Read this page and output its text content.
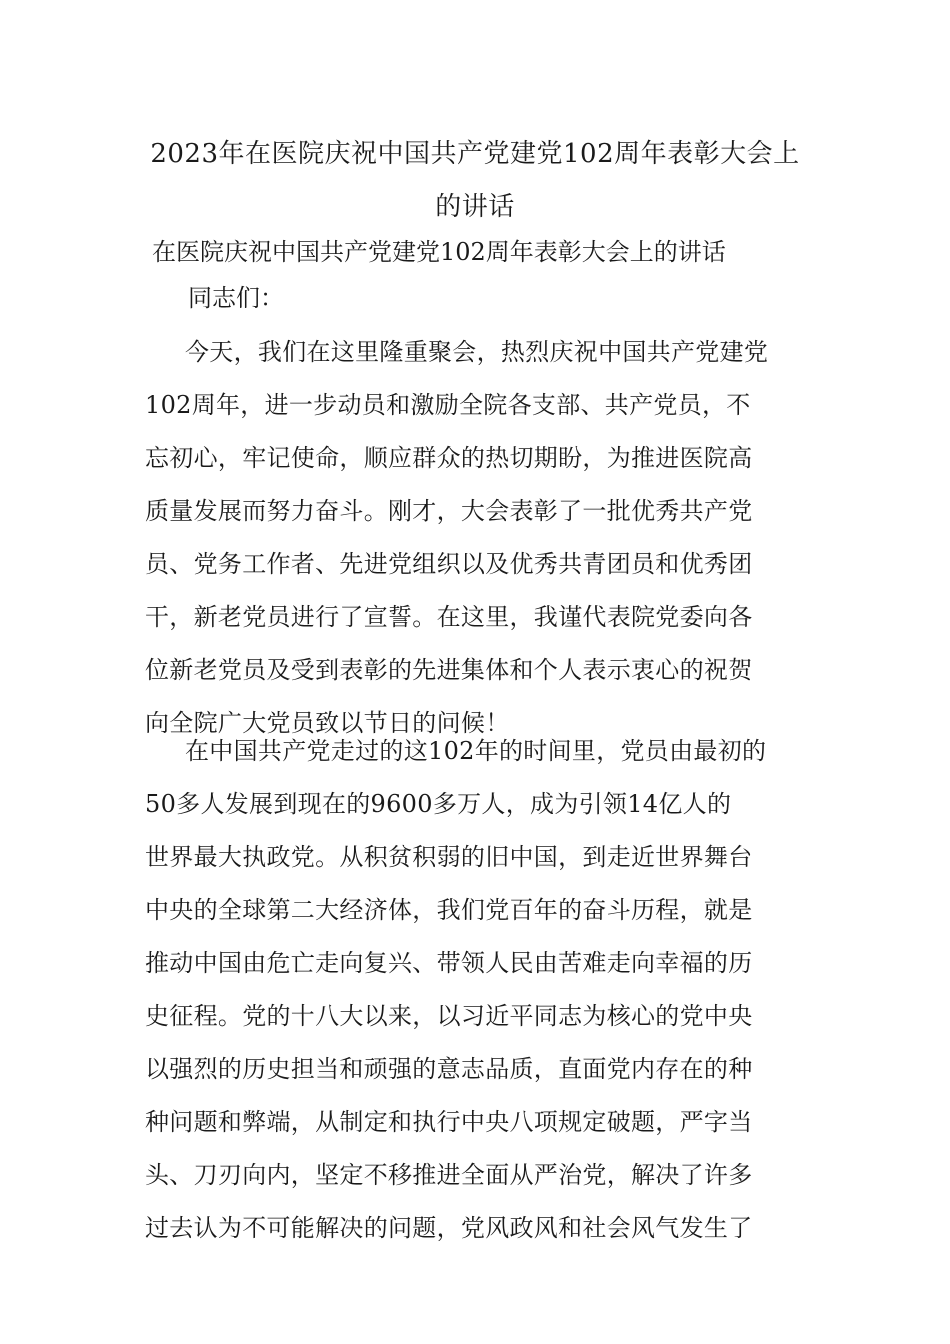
2023年在医院庆祝中国共产党建党102周年表彰大会上
的讲话

在医院庆祝中国共产党建党102周年表彰大会上的讲话

同志们：

今天，我们在这里隆重聚会，热烈庆祝中国共产党建党
102周年，进一步动员和激励全院各支部、共产党员，不
忘初心，牢记使命，顺应群众的热切期盼，为推进医院高
质量发展而努力奋斗。刚才，大会表彰了一批优秀共产党
员、党务工作者、先进党组织以及优秀共青团员和优秀团
干，新老党员进行了宣誓。在这里，我谨代表院党委向各
位新老党员及受到表彰的先进集体和个人表示衷心的祝贺
向全院广大党员致以节日的问候！

在中国共产党走过的这102年的时间里，党员由最初的
50多人发展到现在的9600多万人，成为引领14亿人的
世界最大执政党。从积贫积弱的旧中国，到走近世界舞台
中央的全球第二大经济体，我们党百年的奋斗历程，就是
推动中国由危亡走向复兴、带领人民由苦难走向幸福的历
史征程。党的十八大以来，以习近平同志为核心的党中央
以强烈的历史担当和顽强的意志品质，直面党内存在的种
种问题和弊端，从制定和执行中央八项规定破题，严字当
头、刀刃向内，坚定不移推进全面从严治党，解决了许多
过去认为不可能解决的问题，党风政风和社会风气发生了
